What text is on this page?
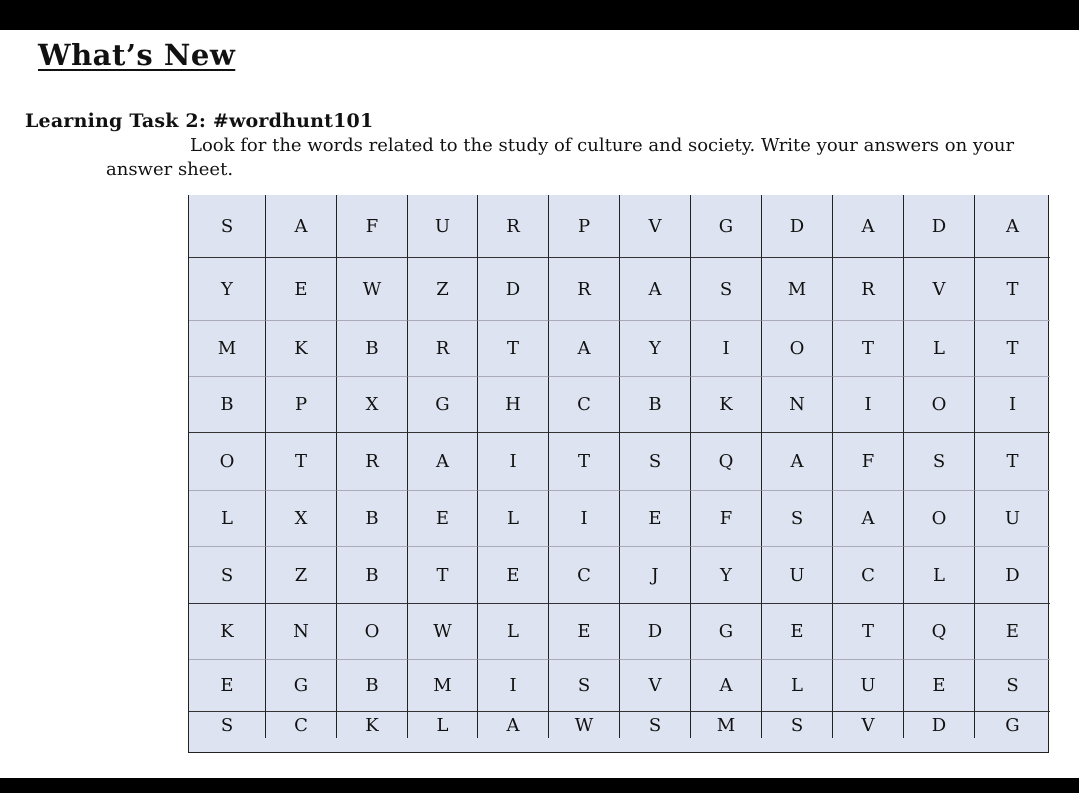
What’s New
Learning Task 2: #wordhunt101
Look for the words related to the study of culture and society. Write your answers on your answer sheet.
S	A	F	U	R	P	V	G	D	A	D	A
Y	E	W	Z	D	R	A	S	M	R	V	T
M	K	B	R	T	A	Y	I	O	T	L	T
B	P	X	G	H	C	B	K	N	I	O	I
O	T	R	A	I	T	S	Q	A	F	S	T
L	X	B	E	L	I	E	F	S	A	O	U
S	Z	B	T	E	C	J	Y	U	C	L	D
K	N	O	W	L	E	D	G	E	T	Q	E
E	G	B	M	I	S	V	A	L	U	E	S
S	C	K	L	A	W	S	M	S	V	D	G
